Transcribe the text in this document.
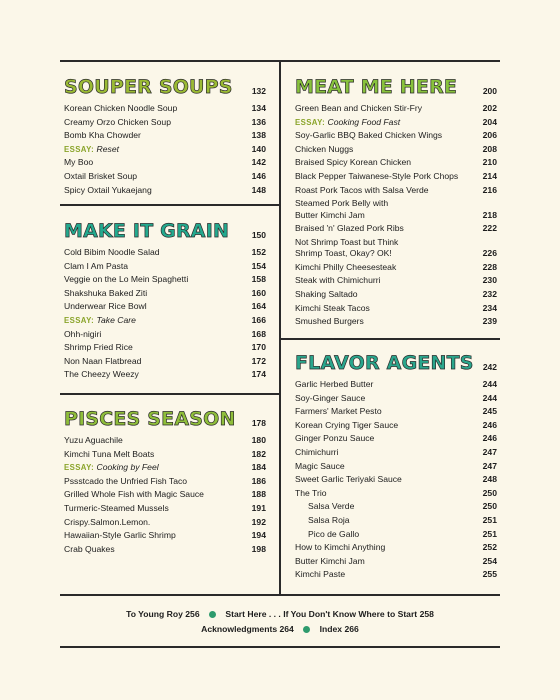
SOUPER SOUPS 132
Korean Chicken Noodle Soup	134
Creamy Orzo Chicken Soup	136
Bomb Kha Chowder	138
ESSAY: Reset	140
My Boo	142
Oxtail Brisket Soup	146
Spicy Oxtail Yukaejang	148
MAKE IT GRAIN	150
Cold Bibim Noodle Salad	152
Clam I Am Pasta	154
Veggie on the Lo Mein Spaghetti	158
Shakshuka Baked Ziti	160
Underwear Rice Bowl	164
ESSAY: Take Care	166
Ohh-nigiri	168
Shrimp Fried Rice	170
Non Naan Flatbread	172
The Cheezy Weezy	174
PISCES SEASON 178
Yuzu Aguachile	180
Kimchi Tuna Melt Boats	182
ESSAY: Cooking by Feel	184
Pssstcado the Unfried Fish Taco	186
Grilled Whole Fish with Magic Sauce	188
Turmeric-Steamed Mussels	191
Crispy.Salmon.Lemon.	192
Hawaiian-Style Garlic Shrimp	194
Crab Quakes	198
MEAT ME HERE	200
Green Bean and Chicken Stir-Fry	202
ESSAY: Cooking Food Fast	204
Soy-Garlic BBQ Baked Chicken Wings	206
Chicken Nuggs	208
Braised Spicy Korean Chicken	210
Black Pepper Taiwanese-Style Pork Chops	214
Roast Pork Tacos with Salsa Verde	216
Steamed Pork Belly with
Butter Kimchi Jam	218
Braised 'n' Glazed Pork Ribs	222
Not Shrimp Toast but Think
Shrimp Toast, Okay? OK!	226
Kimchi Philly Cheesesteak	228
Steak with Chimichurri	230
Shaking Saltado	232
Kimchi Steak Tacos	234
Smushed Burgers	239
FLAVOR AGENTS 242
Garlic Herbed Butter	244
Soy-Ginger Sauce	244
Farmers' Market Pesto	245
Korean Crying Tiger Sauce	246
Ginger Ponzu Sauce	246
Chimichurri	247
Magic Sauce	247
Sweet Garlic Teriyaki Sauce	248
The Trio	250
Salsa Verde	250
Salsa Roja	251
Pico de Gallo	251
How to Kimchi Anything	252
Butter Kimchi Jam	254
Kimchi Paste	255
To Young Roy 256	Start Here . . . If You Don't Know Where to Start 258
Acknowledgments 264	Index 266
